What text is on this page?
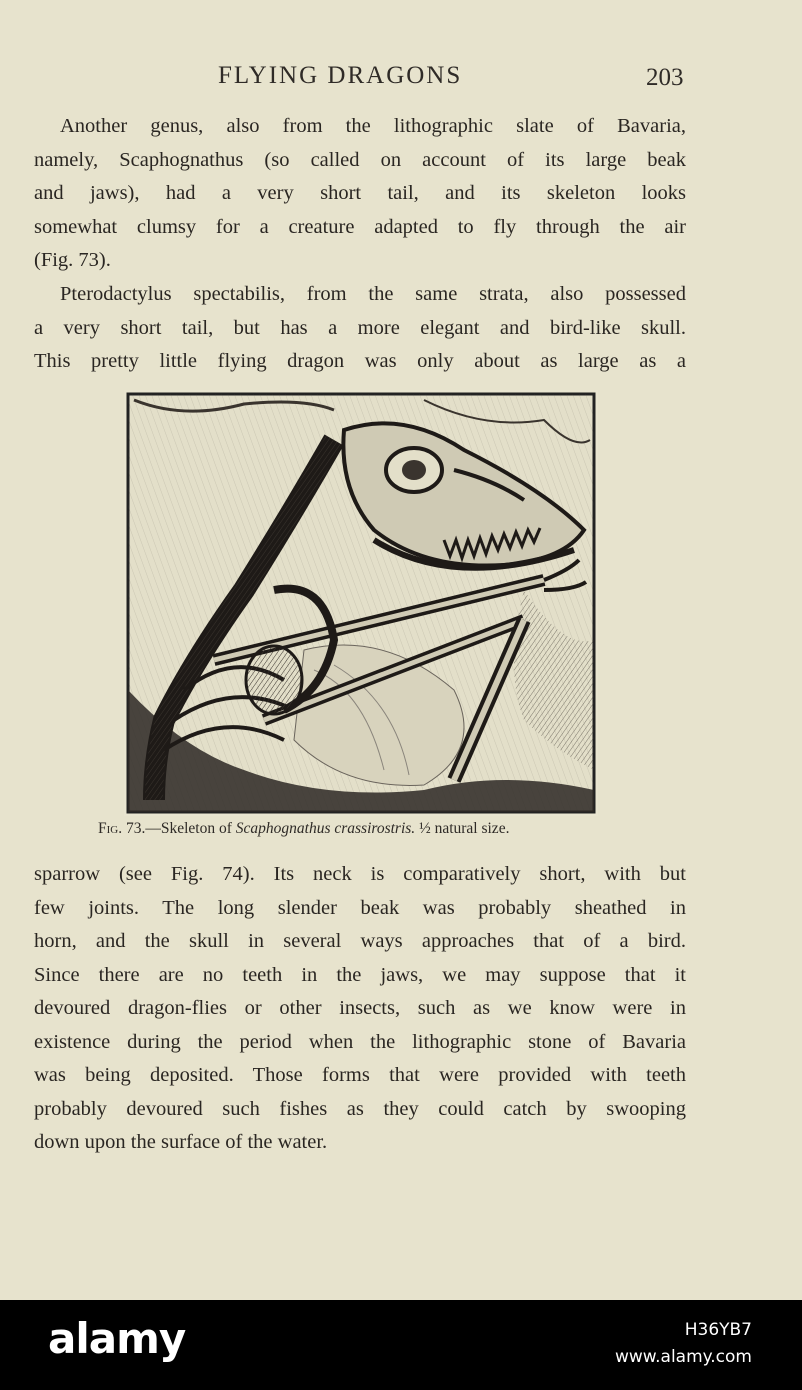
FLYING DRAGONS	203
Another genus, also from the lithographic slate of Bavaria,
namely, Scaphognathus (so called on account of its large beak
and jaws), had a very short tail, and its skeleton looks
somewhat clumsy for a creature adapted to fly through the air
(Fig. 73).
Pterodactylus spectabilis, from the same strata, also possessed
a very short tail, but has a more elegant and bird-like skull.
This pretty little flying dragon was only about as large as a
Fig. 73.—Skeleton of Scaphognathus crassirostris. ½ natural size.
sparrow (see Fig. 74). Its neck is comparatively short, with but
few joints. The long slender beak was probably sheathed in
horn, and the skull in several ways approaches that of a bird.
Since there are no teeth in the jaws, we may suppose that it
devoured dragon-flies or other insects, such as we know were in
existence during the period when the lithographic stone of Bavaria
was being deposited. Those forms that were provided with teeth
probably devoured such fishes as they could catch by swooping
down upon the surface of the water.
alamy	H36YB7
www.alamy.com
